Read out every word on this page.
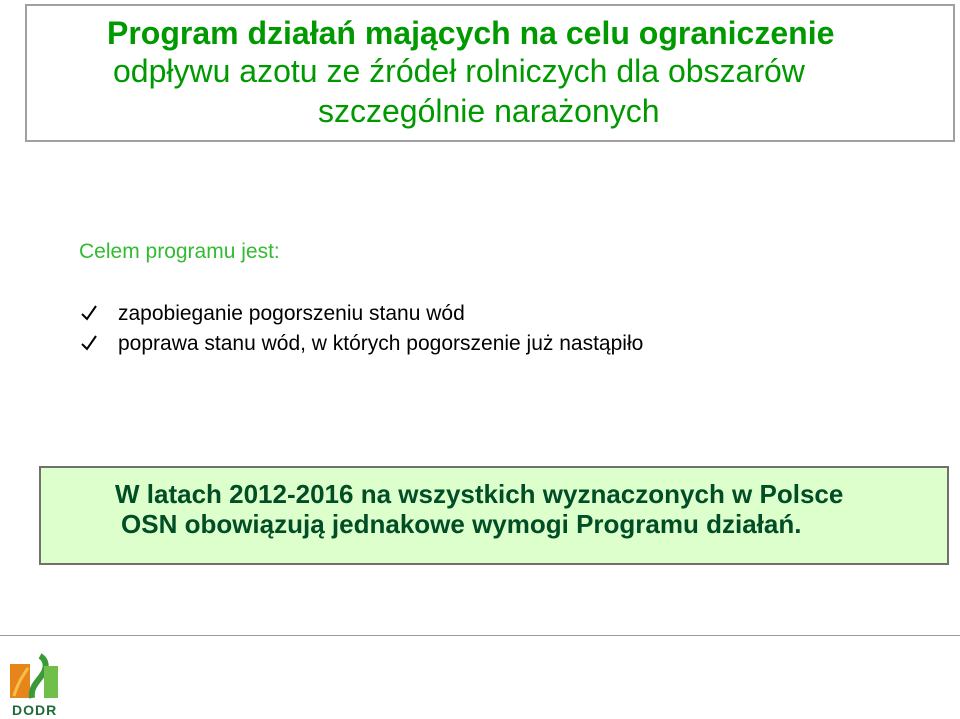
Program działań mających na celu ograniczenie
odpływu azotu ze źródeł rolniczych dla obszarów
szczególnie narażonych
Celem programu jest:
zapobieganie pogorszeniu stanu wód
poprawa stanu wód, w których pogorszenie już nastąpiło
W latach 2012-2016 na wszystkich wyznaczonych w Polsce
OSN obowiązują jednakowe wymogi Programu działań.
DODR
